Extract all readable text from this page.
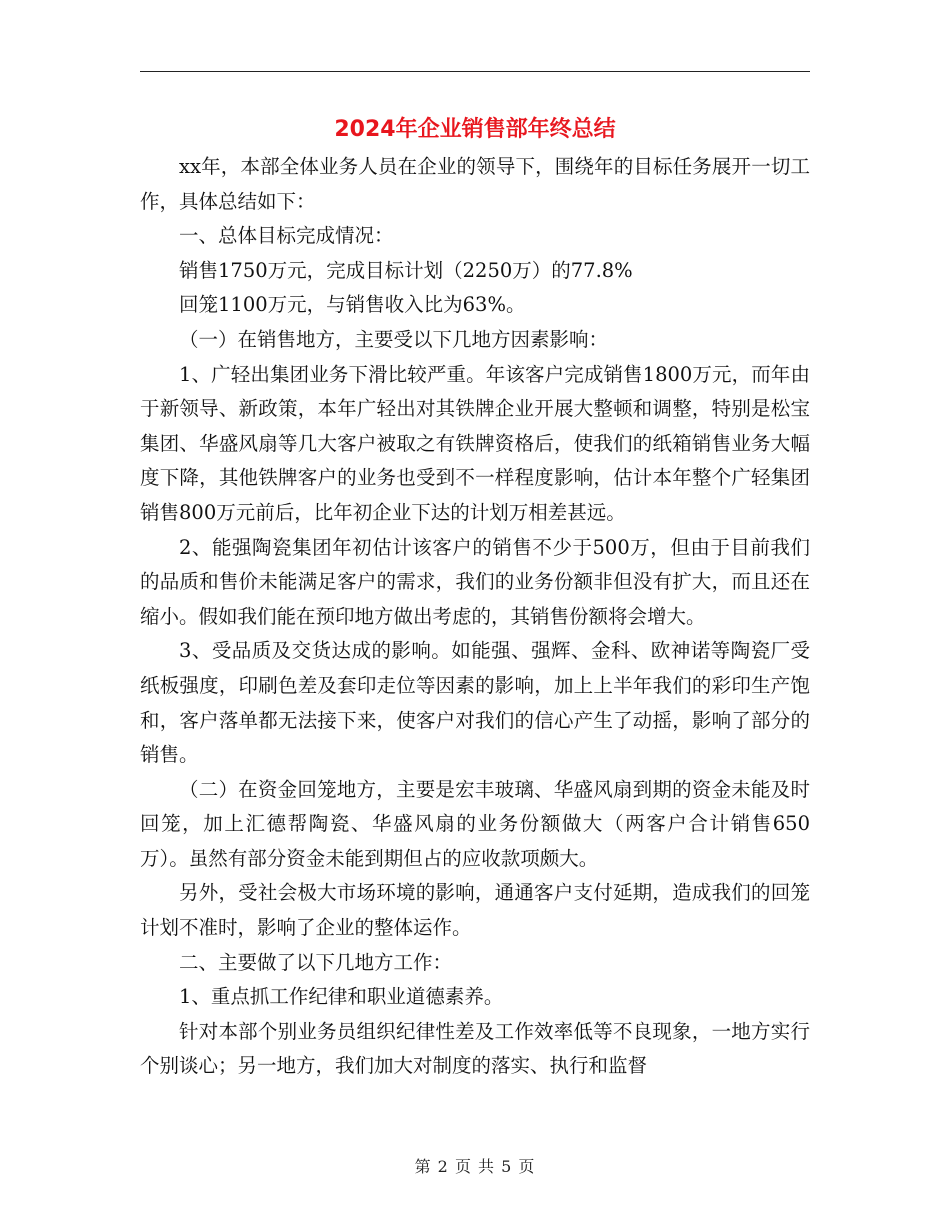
2024年企业销售部年终总结

xx年，本部全体业务人员在企业的领导下，围绕年的目标任务展开一切工作，具体总结如下：

一、总体目标完成情况：

销售1750万元，完成目标计划（2250万）的77.8%

回笼1100万元，与销售收入比为63%。

（一）在销售地方，主要受以下几地方因素影响：

1、广轻出集团业务下滑比较严重。年该客户完成销售1800万元，而年由于新领导、新政策，本年广轻出对其铁牌企业开展大整顿和调整，特别是松宝集团、华盛风扇等几大客户被取之有铁牌资格后，使我们的纸箱销售业务大幅度下降，其他铁牌客户的业务也受到不一样程度影响，估计本年整个广轻集团销售800万元前后，比年初企业下达的计划万相差甚远。

2、能强陶瓷集团年初估计该客户的销售不少于500万，但由于目前我们的品质和售价未能满足客户的需求，我们的业务份额非但没有扩大，而且还在缩小。假如我们能在预印地方做出考虑的，其销售份额将会增大。

3、受品质及交货达成的影响。如能强、强辉、金科、欧神诺等陶瓷厂受纸板强度，印刷色差及套印走位等因素的影响，加上上半年我们的彩印生产饱和，客户落单都无法接下来，使客户对我们的信心产生了动摇，影响了部分的销售。

（二）在资金回笼地方，主要是宏丰玻璃、华盛风扇到期的资金未能及时回笼，加上汇德帮陶瓷、华盛风扇的业务份额做大（两客户合计销售650万）。虽然有部分资金未能到期但占的应收款项颇大。

另外，受社会极大市场环境的影响，通通客户支付延期，造成我们的回笼计划不准时，影响了企业的整体运作。

二、主要做了以下几地方工作：

1、重点抓工作纪律和职业道德素养。

针对本部个别业务员组织纪律性差及工作效率低等不良现象，一地方实行个别谈心；另一地方，我们加大对制度的落实、执行和监督

第 2 页 共 5 页
